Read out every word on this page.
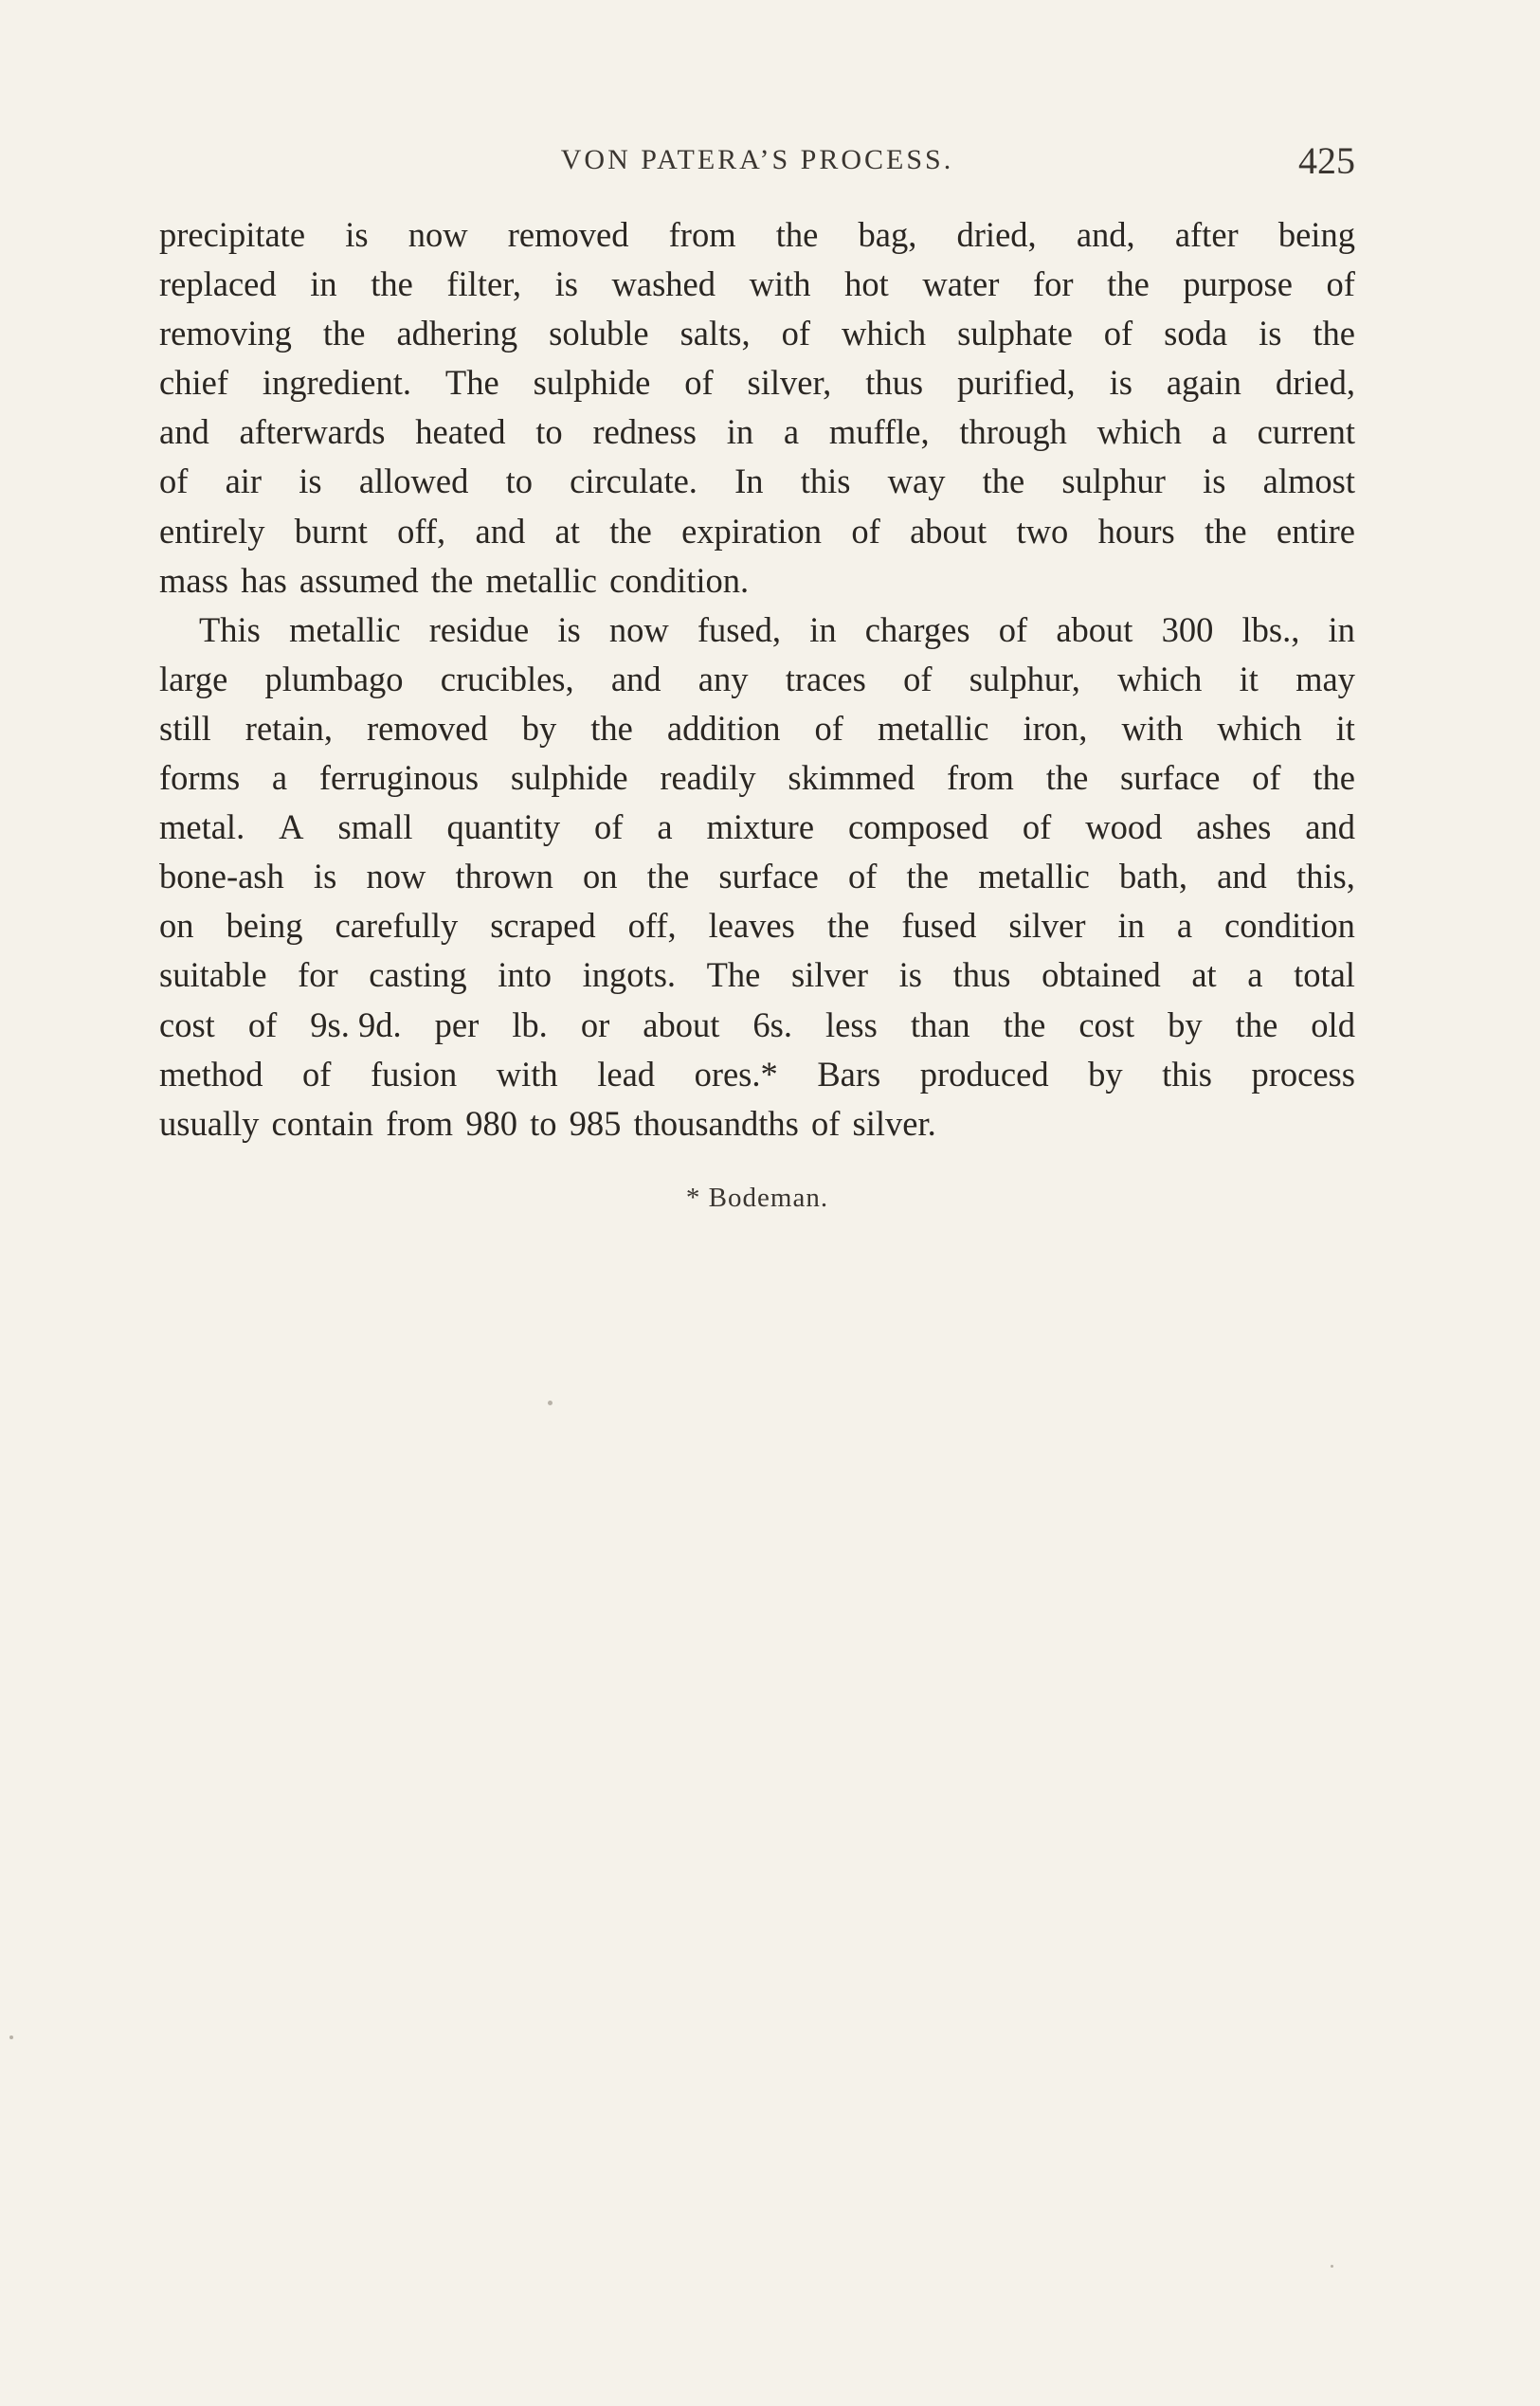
VON PATERA’S PROCESS.	425
precipitate is now removed from the bag, dried, and, after being
replaced in the filter, is washed with hot water for the purpose of
removing the adhering soluble salts, of which sulphate of soda is the
chief ingredient. The sulphide of silver, thus purified, is again dried,
and afterwards heated to redness in a muffle, through which a current
of air is allowed to circulate. In this way the sulphur is almost
entirely burnt off, and at the expiration of about two hours the entire
mass has assumed the metallic condition.
This metallic residue is now fused, in charges of about 300 lbs., in
large plumbago crucibles, and any traces of sulphur, which it may
still retain, removed by the addition of metallic iron, with which it
forms a ferruginous sulphide readily skimmed from the surface of the
metal. A small quantity of a mixture composed of wood ashes and
bone-ash is now thrown on the surface of the metallic bath, and this,
on being carefully scraped off, leaves the fused silver in a condition
suitable for casting into ingots. The silver is thus obtained at a total
cost of 9s. 9d. per lb. or about 6s. less than the cost by the old
method of fusion with lead ores.* Bars produced by this process
usually contain from 980 to 985 thousandths of silver.
* Bodeman.
